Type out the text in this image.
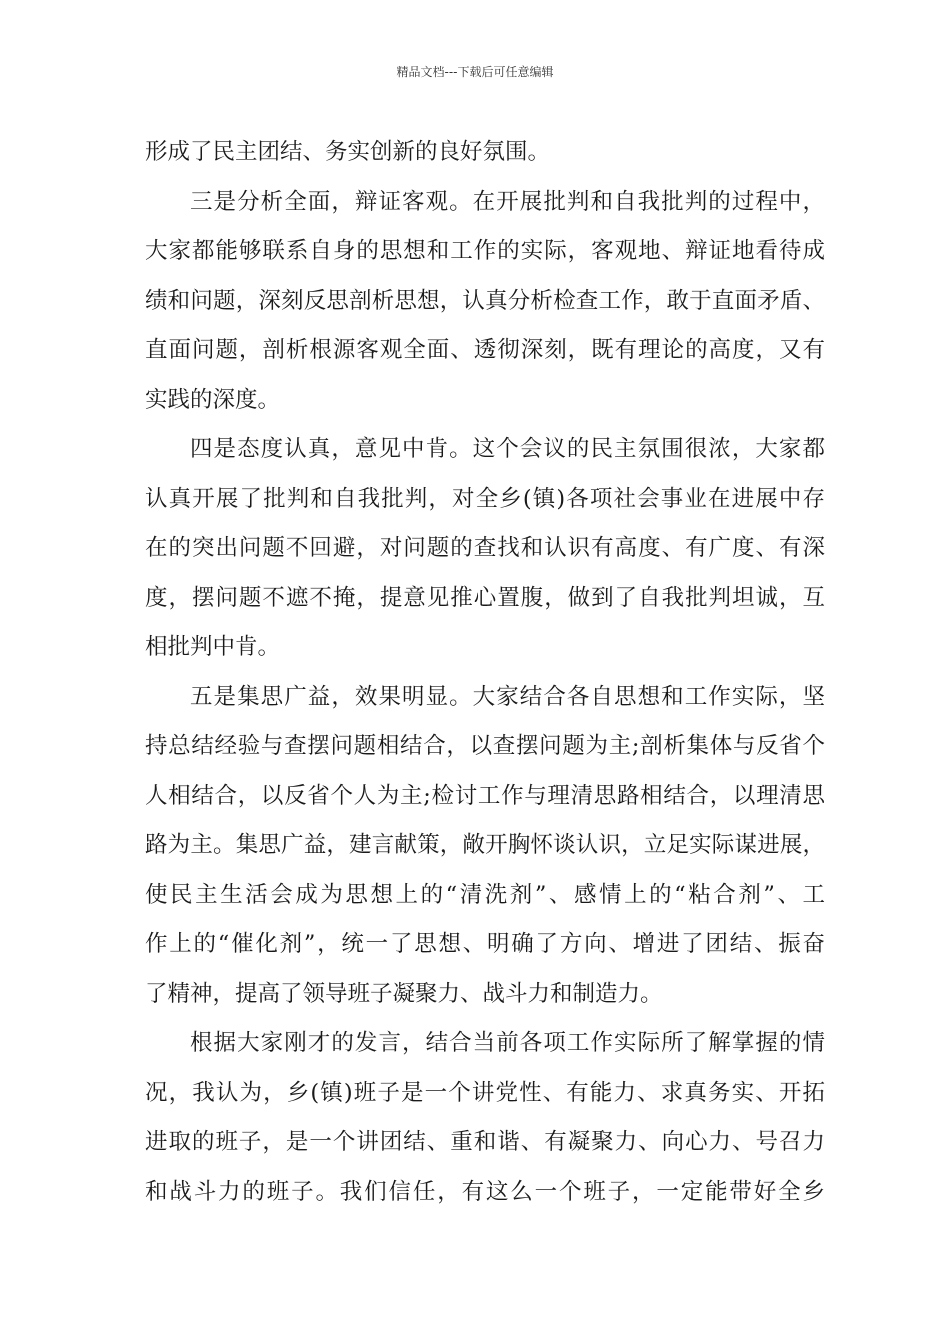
精品文档---下载后可任意编辑
形成了民主团结、务实创新的良好氛围。
三是分析全面，辩证客观。在开展批判和自我批判的过程中，
大家都能够联系自身的思想和工作的实际，客观地、辩证地看待成
绩和问题，深刻反思剖析思想，认真分析检查工作，敢于直面矛盾、
直面问题，剖析根源客观全面、透彻深刻，既有理论的高度，又有
实践的深度。
四是态度认真，意见中肯。这个会议的民主氛围很浓，大家都
认真开展了批判和自我批判，对全乡(镇)各项社会事业在进展中存
在的突出问题不回避，对问题的查找和认识有高度、有广度、有深
度，摆问题不遮不掩，提意见推心置腹，做到了自我批判坦诚，互
相批判中肯。
五是集思广益，效果明显。大家结合各自思想和工作实际，坚
持总结经验与查摆问题相结合，以查摆问题为主;剖析集体与反省个
人相结合，以反省个人为主;检讨工作与理清思路相结合，以理清思
路为主。集思广益，建言献策，敞开胸怀谈认识，立足实际谋进展，
使民主生活会成为思想上的“清洗剂”、感情上的“粘合剂”、工
作上的“催化剂”，统一了思想、明确了方向、增进了团结、振奋
了精神，提高了领导班子凝聚力、战斗力和制造力。
根据大家刚才的发言，结合当前各项工作实际所了解掌握的情
况，我认为，乡(镇)班子是一个讲党性、有能力、求真务实、开拓
进取的班子，是一个讲团结、重和谐、有凝聚力、向心力、号召力
和战斗力的班子。我们信任，有这么一个班子，一定能带好全乡
